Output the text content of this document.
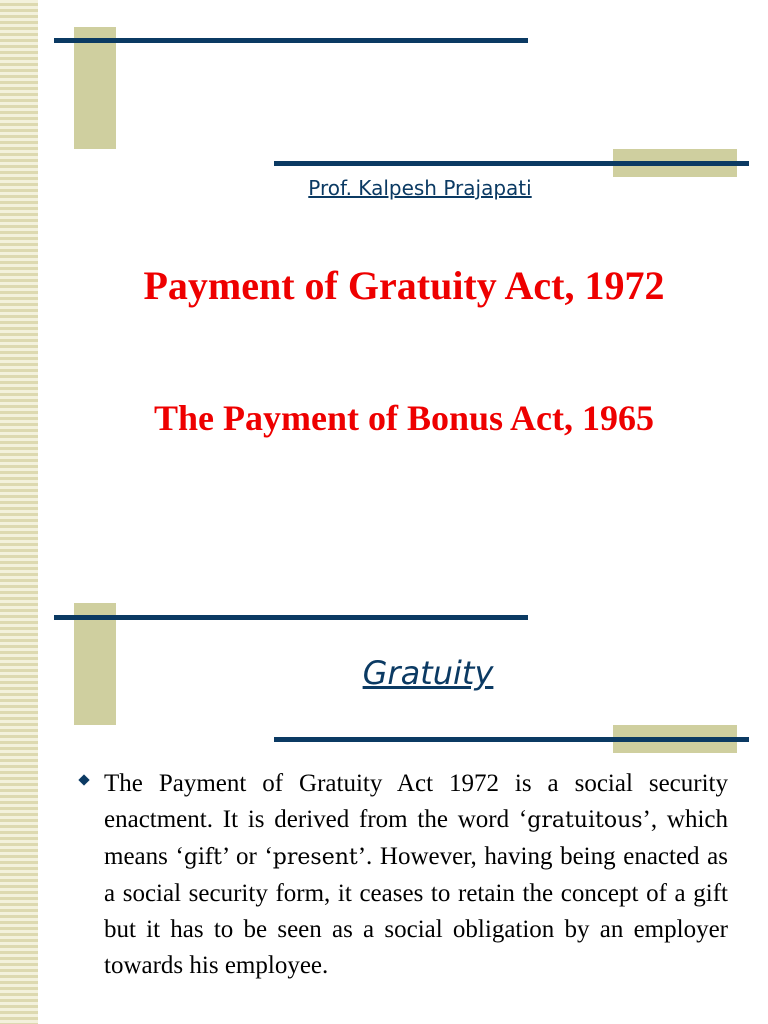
Prof. Kalpesh Prajapati
Payment of Gratuity Act, 1972
The Payment of Bonus Act, 1965
Gratuity
The Payment of Gratuity Act 1972 is a social security enactment. It is derived from the word ‘gratuitous’, which means ‘gift’ or ‘present’. However, having being enacted as a social security form, it ceases to retain the concept of a gift but it has to be seen as a social obligation by an employer towards his employee.
